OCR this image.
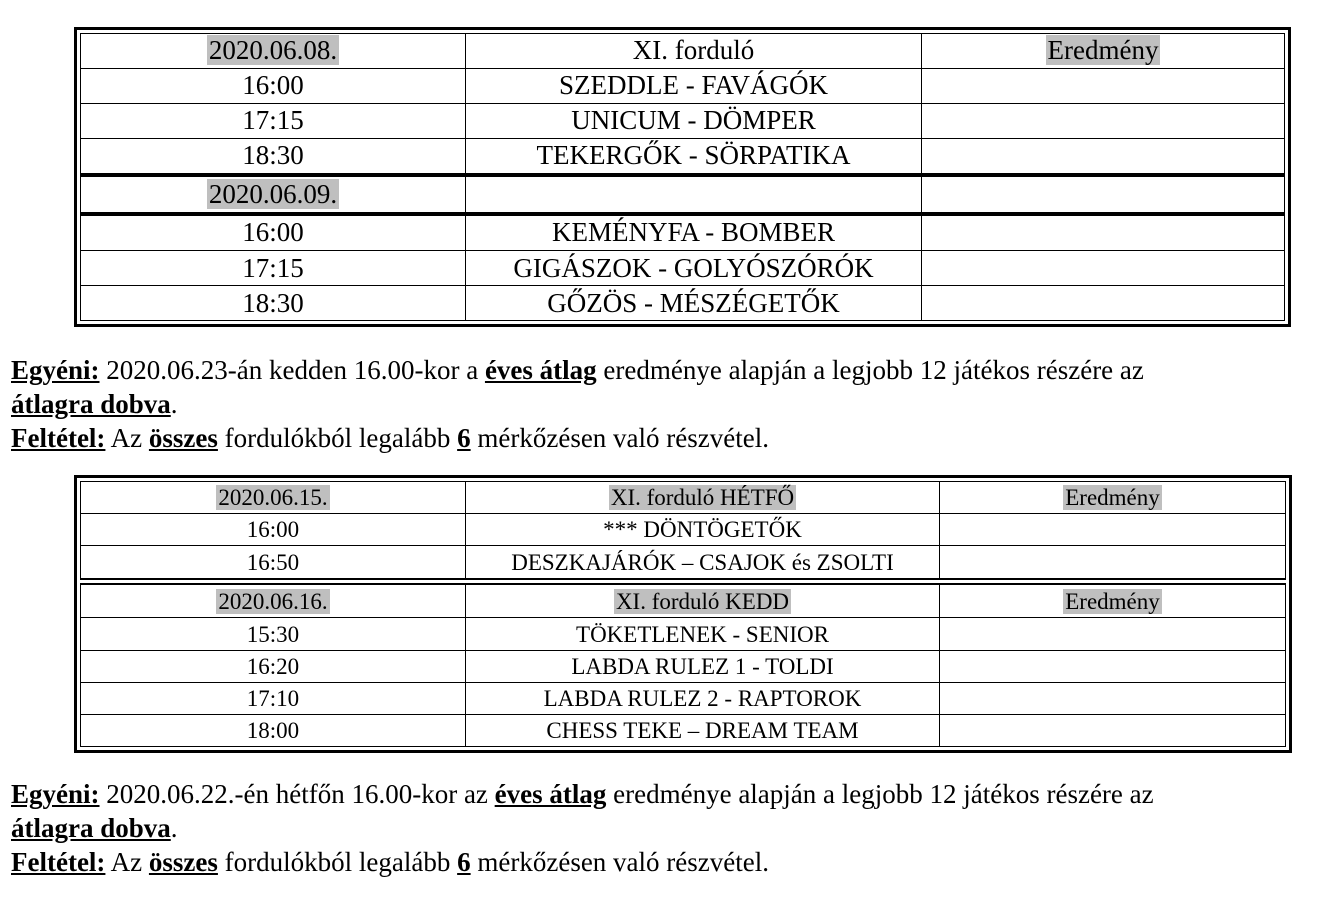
2020.06.08.	XI. forduló	Eredmény
16:00	SZEDDLE - FAVÁGÓK	
17:15	UNICUM - DÖMPER	
18:30	TEKERGŐK - SÖRPATIKA	
2020.06.09.		
16:00	KEMÉNYFA - BOMBER	
17:15	GIGÁSZOK - GOLYÓSZÓRÓK	
18:30	GŐZÖS - MÉSZÉGETŐK	

Egyéni: 2020.06.23-án kedden 16.00-kor a éves átlag eredménye alapján a legjobb 12 játékos részére az

átlagra dobva.

Feltétel: Az összes fordulókból legalább 6 mérkőzésen való részvétel.

2020.06.15.	XI. forduló HÉTFŐ	Eredmény
16:00	*** DÖNTÖGETŐK	
16:50	DESZKAJÁRÓK – CSAJOK és ZSOLTI	
2020.06.16.	XI. forduló KEDD	Eredmény
15:30	TÖKETLENEK - SENIOR	
16:20	LABDA RULEZ 1 - TOLDI	
17:10	LABDA RULEZ 2 - RAPTOROK	
18:00	CHESS TEKE – DREAM TEAM	

Egyéni: 2020.06.22.-én hétfőn 16.00-kor az éves átlag eredménye alapján a legjobb 12 játékos részére az

átlagra dobva.

Feltétel: Az összes fordulókból legalább 6 mérkőzésen való részvétel.
